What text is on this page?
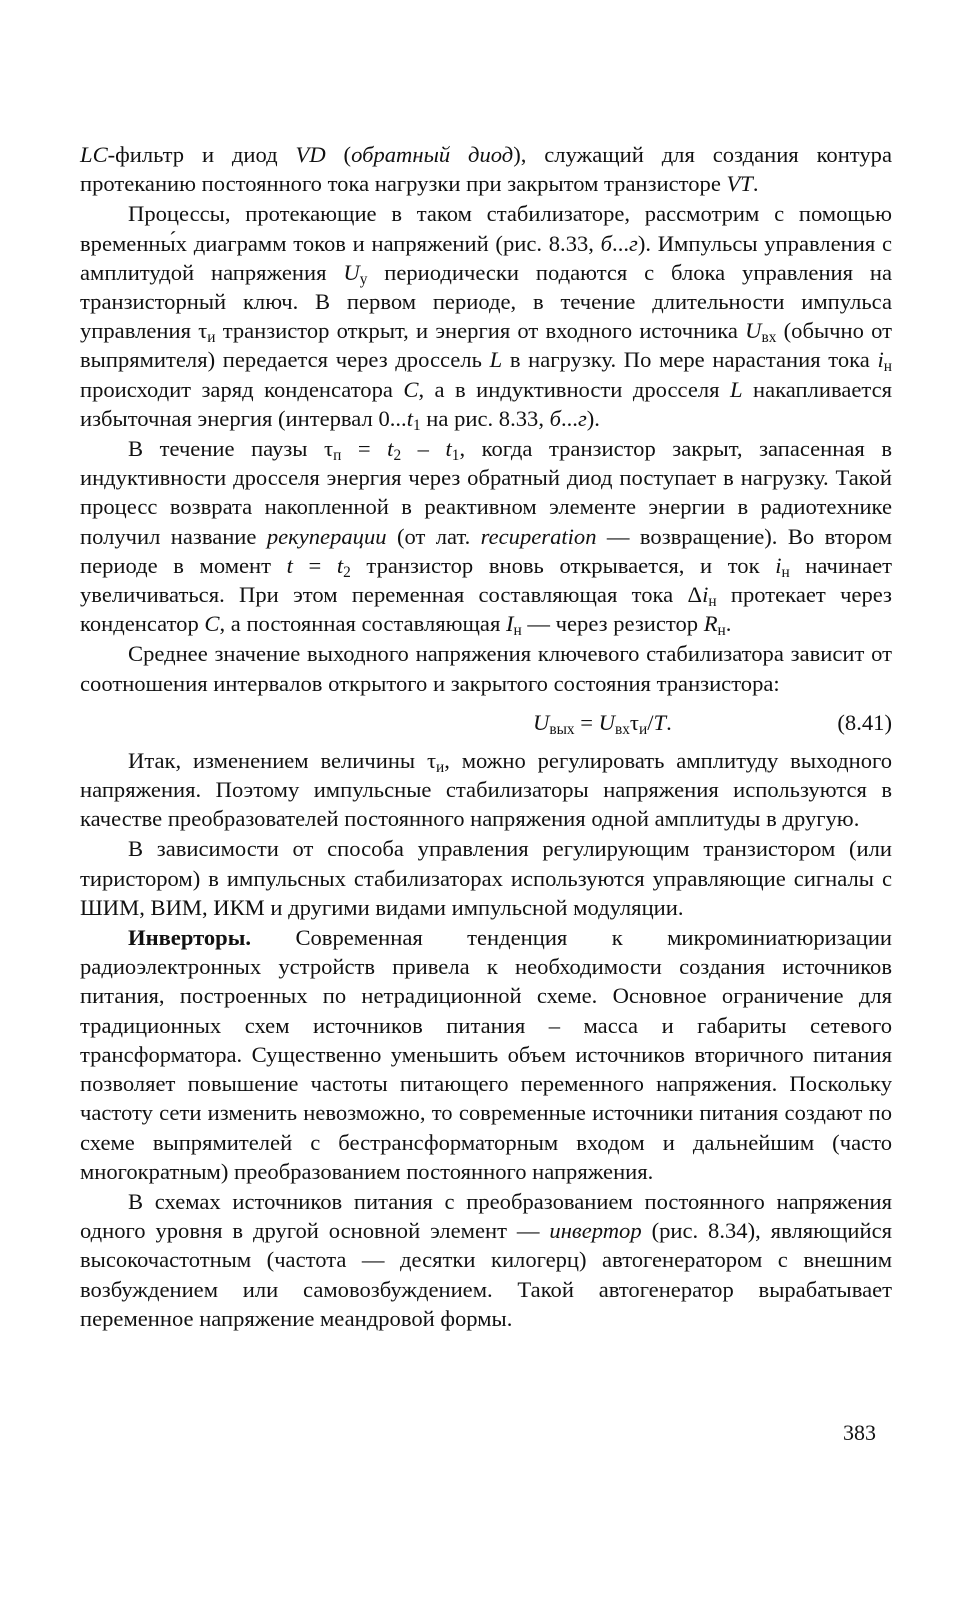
LC-фильтр и диод VD (обратный диод), служащий для создания контура протеканию постоянного тока нагрузки при закрытом транзисторе VT.

Процессы, протекающие в таком стабилизаторе, рассмотрим с помощью временны́х диаграмм токов и напряжений (рис. 8.33, б...г). Импульсы управления с амплитудой напряжения $U_у$ периодически подаются с блока управления на транзисторный ключ. В первом периоде, в течение длительности импульса управления $\tau_и$ транзистор открыт, и энергия от входного источника $U_{вх}$ (обычно от выпрямителя) передается через дроссель L в нагрузку. По мере нарастания тока $i_н$ происходит заряд конденсатора C, а в индуктивности дросселя L накапливается избыточная энергия (интервал $0...t_1$ на рис. 8.33, б...г).

В течение паузы $\tau_п = t_2 - t_1$, когда транзистор закрыт, запасенная в индуктивности дросселя энергия через обратный диод поступает в нагрузку. Такой процесс возврата накопленной в реактивном элементе энергии в радиотехнике получил название рекуперации (от лат. recuperation — возвращение). Во втором периоде в момент $t = t_2$ транзистор вновь открывается, и ток $i_н$ начинает увеличиваться. При этом переменная составляющая тока $\Delta i_н$ протекает через конденсатор C, а постоянная составляющая $I_н$ — через резистор $R_н$.

Среднее значение выходного напряжения ключевого стабилизатора зависит от соотношения интервалов открытого и закрытого состояния транзистора:

$U_{вых} = U_{вх}\tau_и/T$.	(8.41)

Итак, изменением величины $\tau_и$, можно регулировать амплитуду выходного напряжения. Поэтому импульсные стабилизаторы напряжения используются в качестве преобразователей постоянного напряжения одной амплитуды в другую.

В зависимости от способа управления регулирующим транзистором (или тиристором) в импульсных стабилизаторах используются управляющие сигналы с ШИМ, ВИМ, ИКМ и другими видами импульсной модуляции.

Инверторы. Современная тенденция к микроминиатюризации радиоэлектронных устройств привела к необходимости создания источников питания, построенных по нетрадиционной схеме. Основное ограничение для традиционных схем источников питания – масса и габариты сетевого трансформатора. Существенно уменьшить объем источников вторичного питания позволяет повышение частоты питающего переменного напряжения. Поскольку частоту сети изменить невозможно, то современные источники питания создают по схеме выпрямителей с бестрансформаторным входом и дальнейшим (часто многократным) преобразованием постоянного напряжения.

В схемах источников питания с преобразованием постоянного напряжения одного уровня в другой основной элемент — инвертор (рис. 8.34), являющийся высокочастотным (частота — десятки килогерц) автогенератором с внешним возбуждением или самовозбуждением. Такой автогенератор вырабатывает переменное напряжение меандровой формы.

383
